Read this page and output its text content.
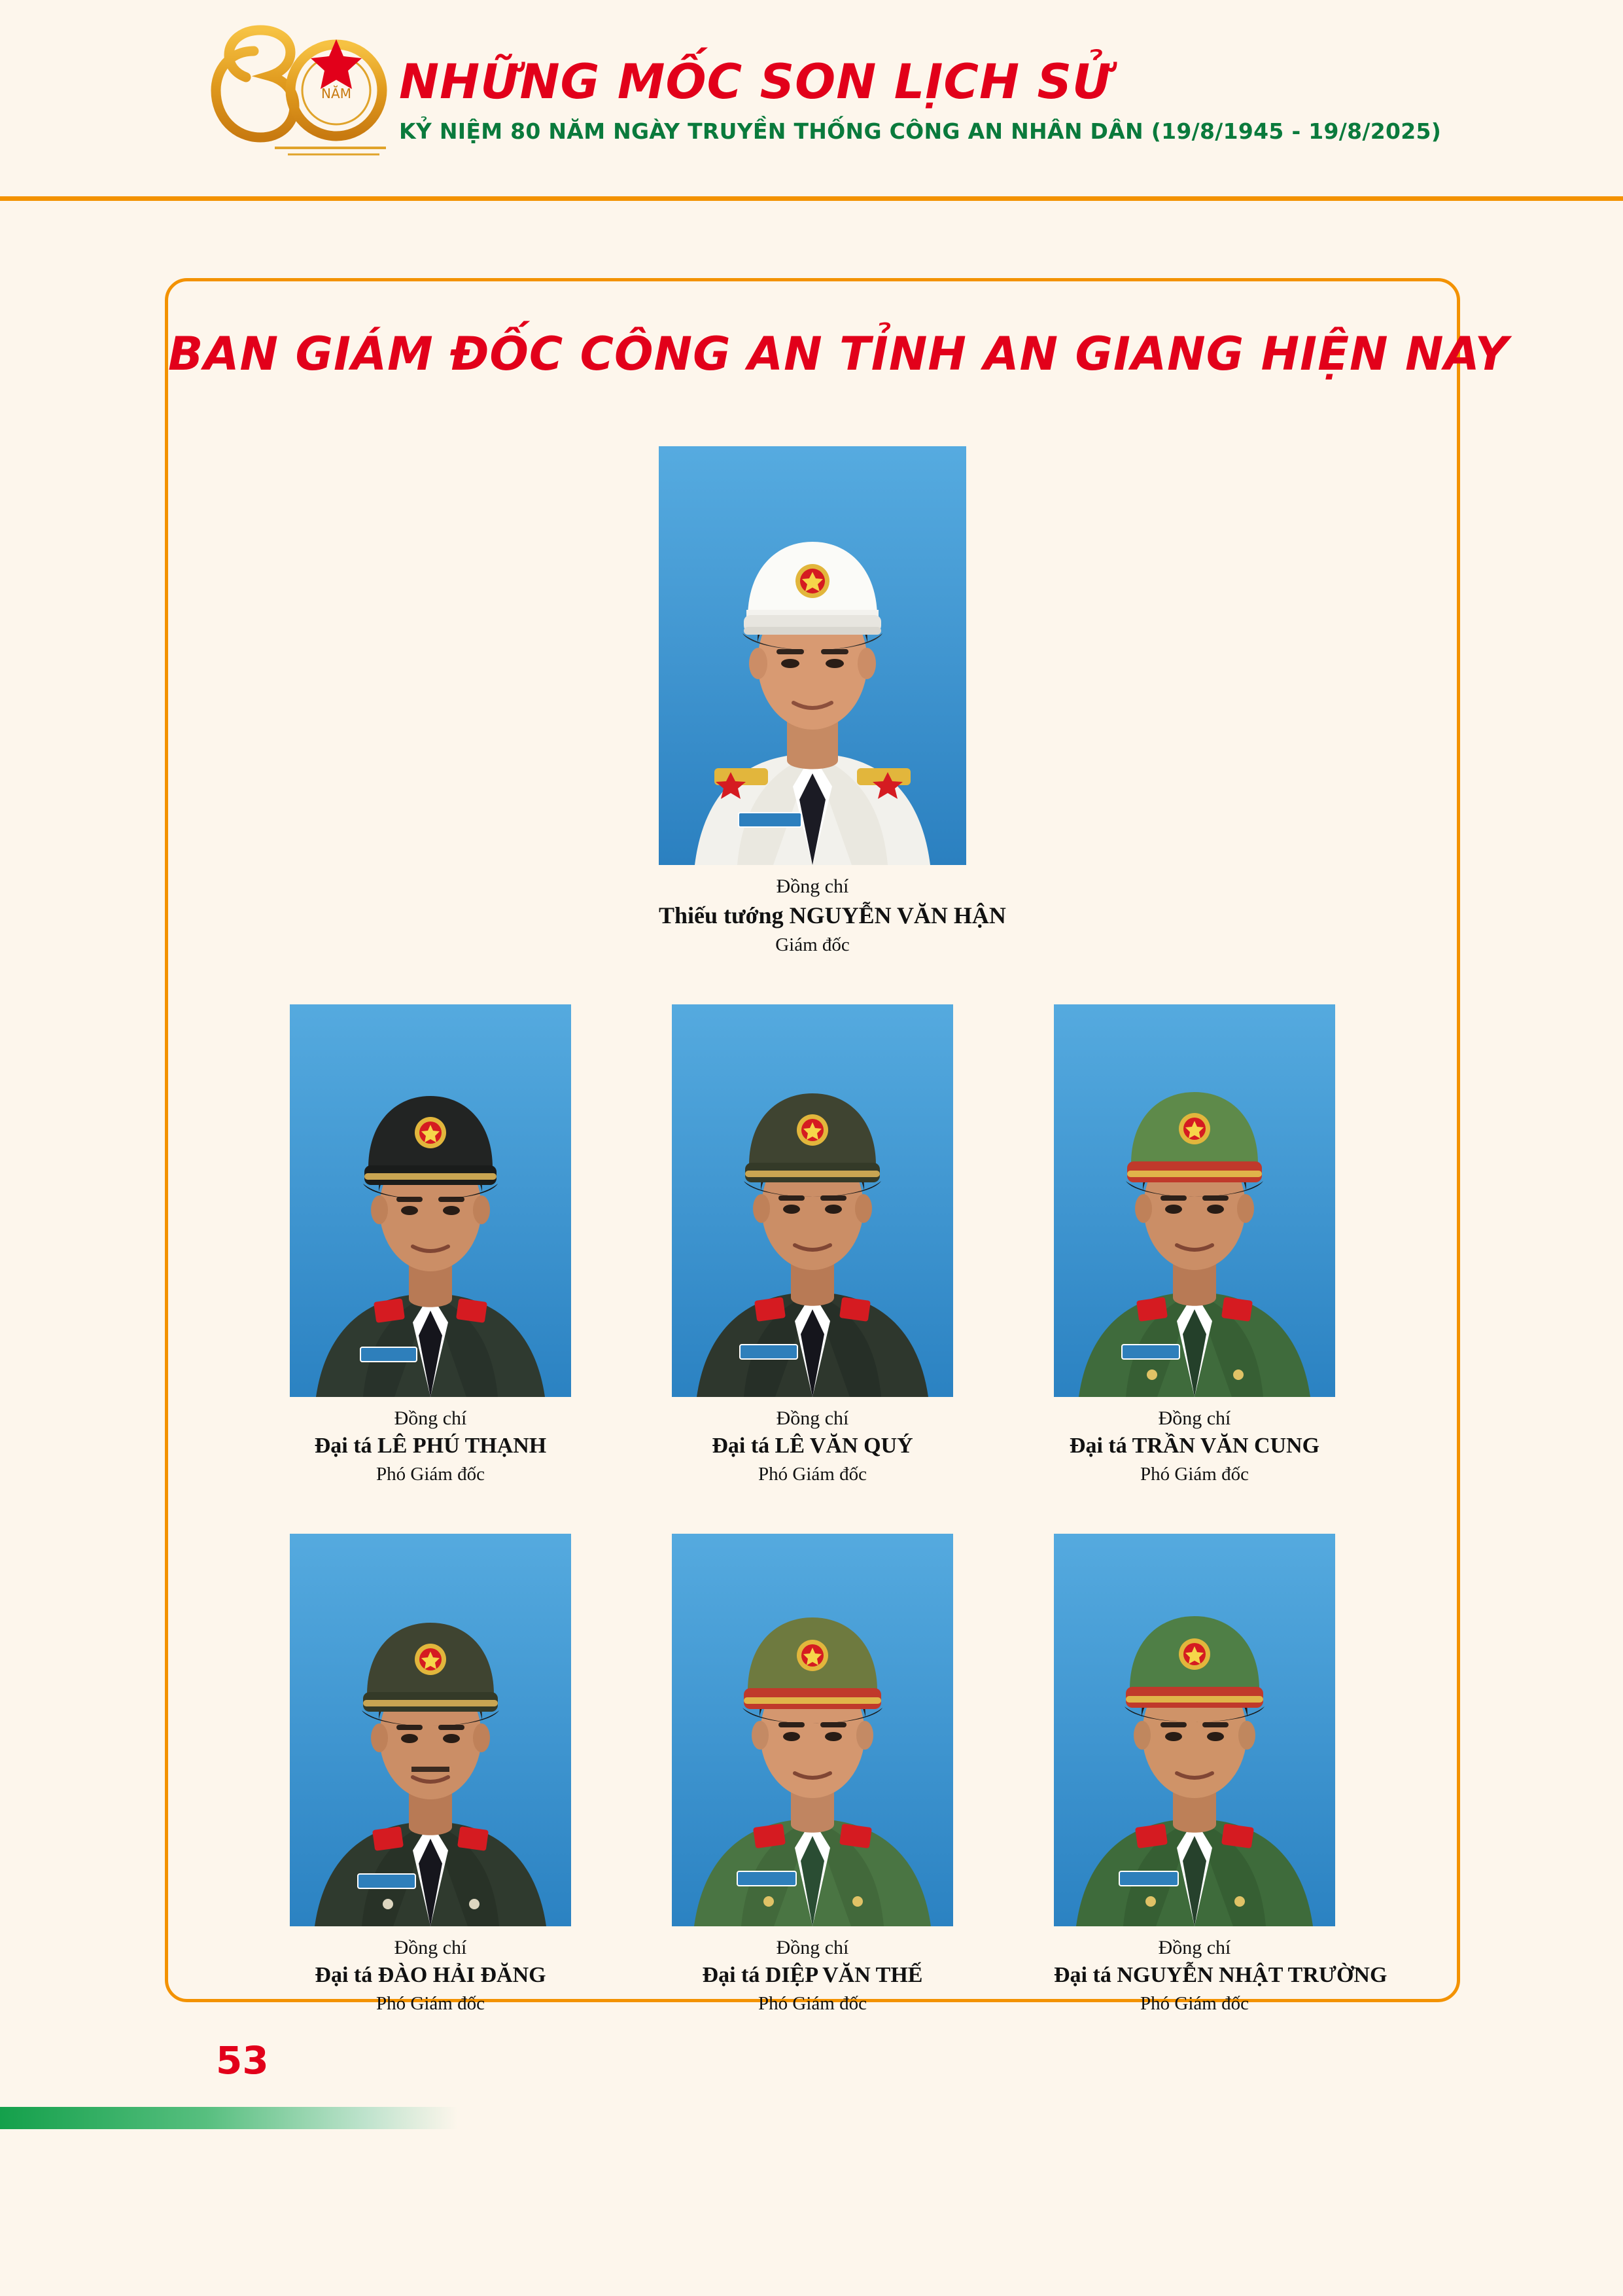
NĂM NHỮNG MỐC SON LỊCH SỬ
KỶ NIỆM 80 NĂM NGÀY TRUYỀN THỐNG CÔNG AN NHÂN DÂN (19/8/1945 - 19/8/2025)
BAN GIÁM ĐỐC CÔNG AN TỈNH AN GIANG HIỆN NAY
Đồng chí
Thiếu tướng NGUYỄN VĂN HẬN
Giám đốc
Đồng chí
Đại tá LÊ PHÚ THẠNH
Phó Giám đốc
Đồng chí
Đại tá LÊ VĂN QUÝ
Phó Giám đốc
Đồng chí
Đại tá TRẦN VĂN CUNG
Phó Giám đốc
Đồng chí
Đại tá ĐÀO HẢI ĐĂNG
Phó Giám đốc
Đồng chí
Đại tá DIỆP VĂN THẾ
Phó Giám đốc
Đồng chí
Đại tá NGUYỄN NHẬT TRƯỜNG
Phó Giám đốc
53
